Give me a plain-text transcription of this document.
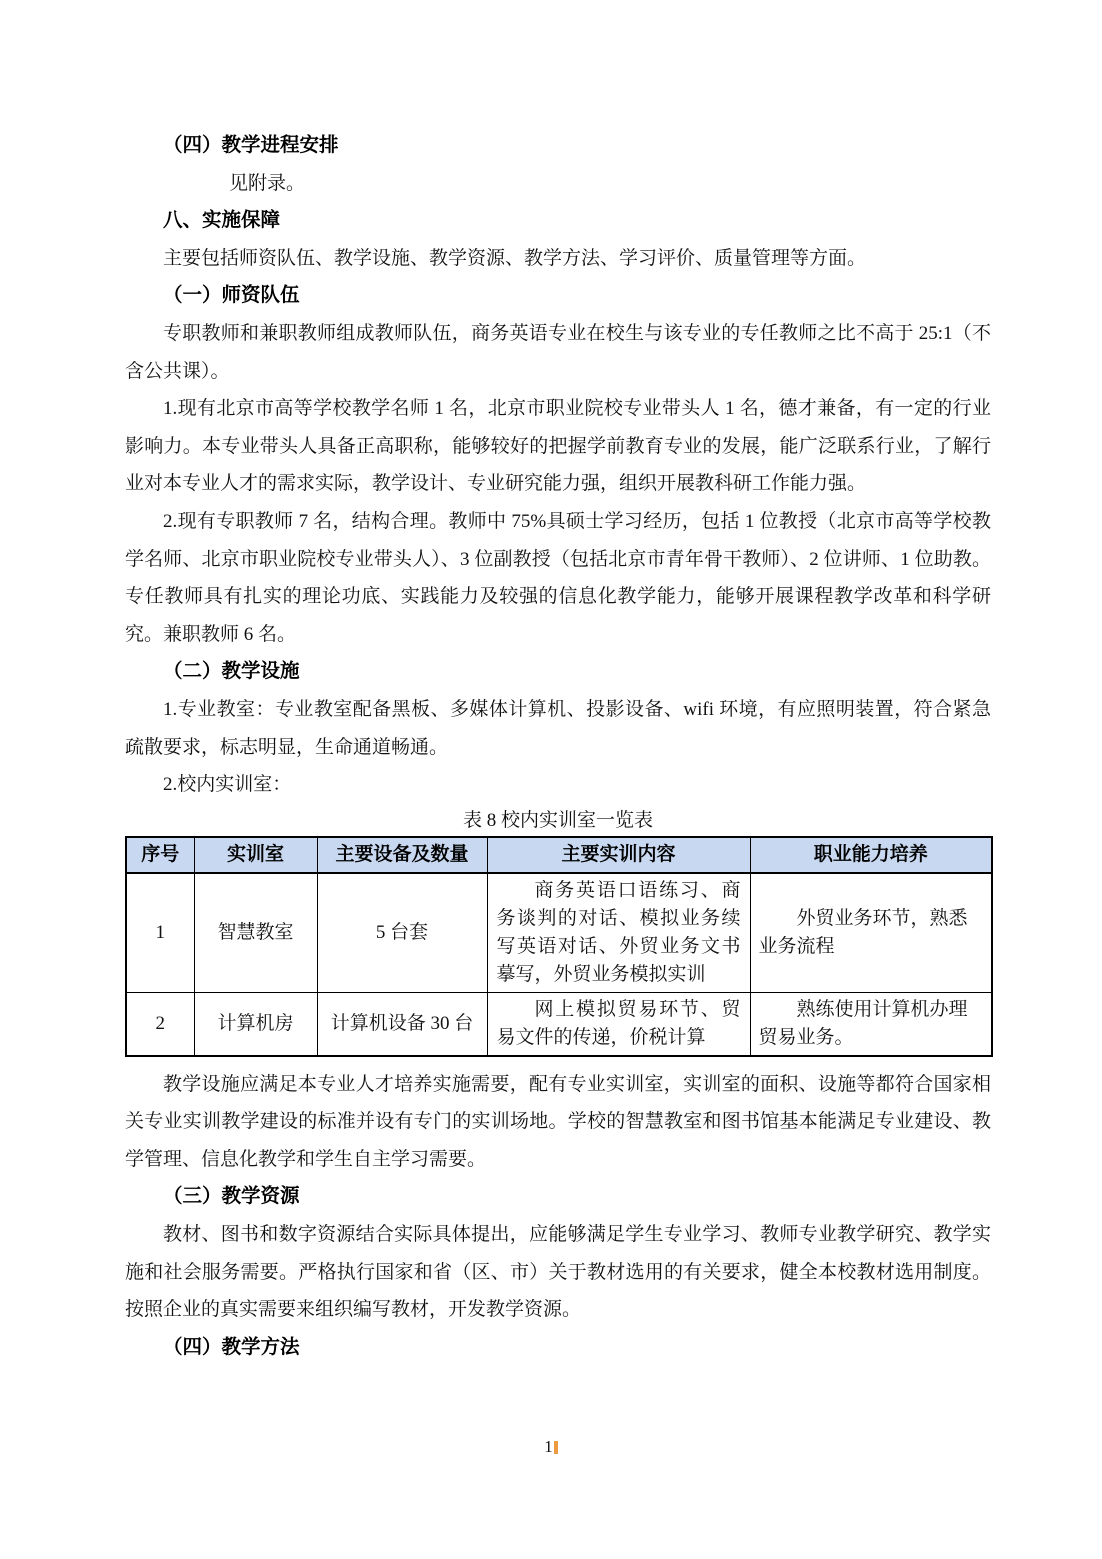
（四）教学进程安排
见附录。
八、实施保障
主要包括师资队伍、教学设施、教学资源、教学方法、学习评价、质量管理等方面。
（一）师资队伍
专职教师和兼职教师组成教师队伍，商务英语专业在校生与该专业的专任教师之比不高于 25:1（不含公共课）。
1.现有北京市高等学校教学名师 1 名，北京市职业院校专业带头人 1 名，德才兼备，有一定的行业影响力。本专业带头人具备正高职称，能够较好的把握学前教育专业的发展，能广泛联系行业，了解行业对本专业人才的需求实际，教学设计、专业研究能力强，组织开展教科研工作能力强。
2.现有专职教师 7 名，结构合理。教师中 75%具硕士学习经历，包括 1 位教授（北京市高等学校教学名师、北京市职业院校专业带头人）、3 位副教授（包括北京市青年骨干教师）、2 位讲师、1 位助教。专任教师具有扎实的理论功底、实践能力及较强的信息化教学能力，能够开展课程教学改革和科学研究。兼职教师 6 名。
（二）教学设施
1.专业教室：专业教室配备黑板、多媒体计算机、投影设备、wifi 环境，有应照明装置，符合紧急疏散要求，标志明显，生命通道畅通。
2.校内实训室：
表 8 校内实训室一览表
序号	实训室	主要设备及数量	主要实训内容	职业能力培养
1	智慧教室	5 台套	商务英语口语练习、商务谈判的对话、模拟业务续写英语对话、外贸业务文书摹写，外贸业务模拟实训	外贸业务环节，熟悉业务流程
2	计算机房	计算机设备 30 台	网上模拟贸易环节、贸易文件的传递，价税计算	熟练使用计算机办理贸易业务。
教学设施应满足本专业人才培养实施需要，配有专业实训室，实训室的面积、设施等都符合国家相关专业实训教学建设的标准并设有专门的实训场地。学校的智慧教室和图书馆基本能满足专业建设、教学管理、信息化教学和学生自主学习需要。
（三）教学资源
教材、图书和数字资源结合实际具体提出，应能够满足学生专业学习、教师专业教学研究、教学实施和社会服务需要。严格执行国家和省（区、市）关于教材选用的有关要求，健全本校教材选用制度。按照企业的真实需要来组织编写教材，开发教学资源。
（四）教学方法
1
